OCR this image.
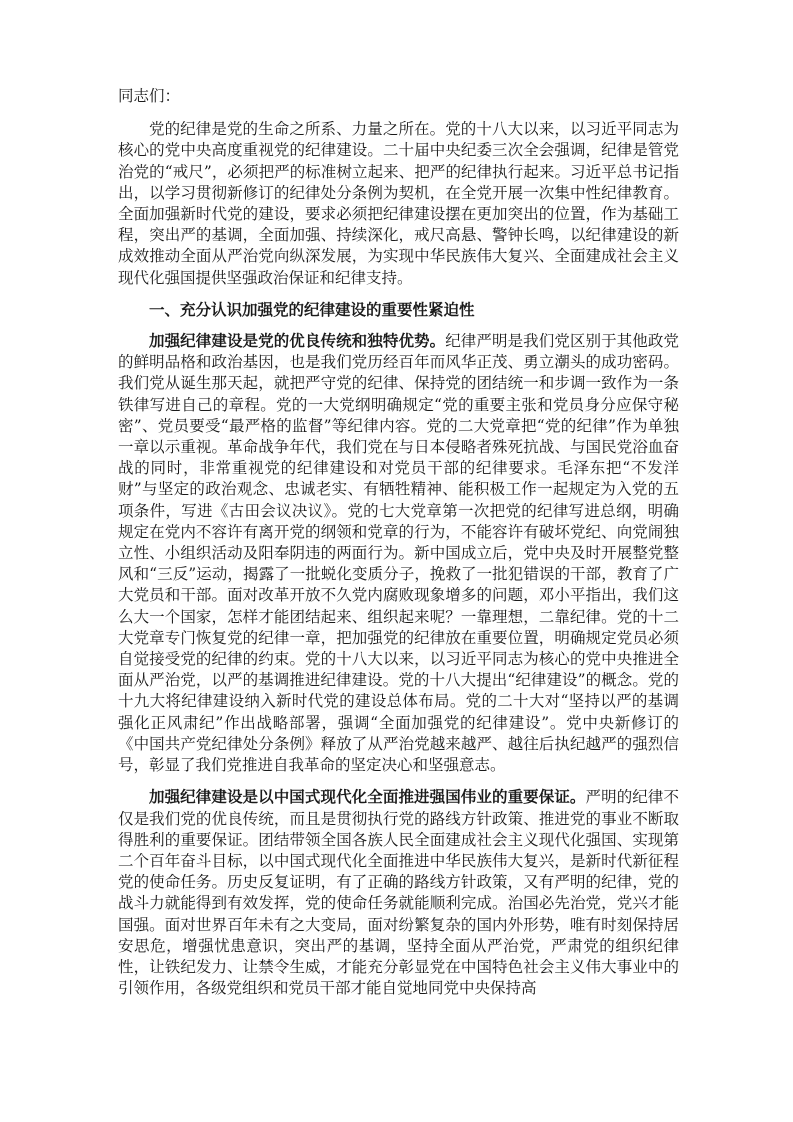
同志们：

党的纪律是党的生命之所系、力量之所在。党的十八大以来，以习近平同志为核心的党中央高度重视党的纪律建设。二十届中央纪委三次全会强调，纪律是管党治党的“戒尺”，必须把严的标准树立起来、把严的纪律执行起来。习近平总书记指出，以学习贯彻新修订的纪律处分条例为契机，在全党开展一次集中性纪律教育。全面加强新时代党的建设，要求必须把纪律建设摆在更加突出的位置，作为基础工程，突出严的基调，全面加强、持续深化，戒尺高悬、警钟长鸣，以纪律建设的新成效推动全面从严治党向纵深发展，为实现中华民族伟大复兴、全面建成社会主义现代化强国提供坚强政治保证和纪律支持。

一、充分认识加强党的纪律建设的重要性紧迫性

加强纪律建设是党的优良传统和独特优势。纪律严明是我们党区别于其他政党的鲜明品格和政治基因，也是我们党历经百年而风华正茂、勇立潮头的成功密码。我们党从诞生那天起，就把严守党的纪律、保持党的团结统一和步调一致作为一条铁律写进自己的章程。党的一大党纲明确规定“党的重要主张和党员身分应保守秘密”、党员要受“最严格的监督”等纪律内容。党的二大党章把“党的纪律”作为单独一章以示重视。革命战争年代，我们党在与日本侵略者殊死抗战、与国民党浴血奋战的同时，非常重视党的纪律建设和对党员干部的纪律要求。毛泽东把“不发洋财”与坚定的政治观念、忠诚老实、有牺牲精神、能积极工作一起规定为入党的五项条件，写进《古田会议决议》。党的七大党章第一次把党的纪律写进总纲，明确规定在党内不容许有离开党的纲领和党章的行为，不能容许有破坏党纪、向党闹独立性、小组织活动及阳奉阴违的两面行为。新中国成立后，党中央及时开展整党整风和“三反”运动，揭露了一批蜕化变质分子，挽救了一批犯错误的干部，教育了广大党员和干部。面对改革开放不久党内腐败现象增多的问题，邓小平指出，我们这么大一个国家，怎样才能团结起来、组织起来呢？一靠理想，二靠纪律。党的十二大党章专门恢复党的纪律一章，把加强党的纪律放在重要位置，明确规定党员必须自觉接受党的纪律的约束。党的十八大以来，以习近平同志为核心的党中央推进全面从严治党，以严的基调推进纪律建设。党的十八大提出“纪律建设”的概念。党的十九大将纪律建设纳入新时代党的建设总体布局。党的二十大对“坚持以严的基调强化正风肃纪”作出战略部署，强调“全面加强党的纪律建设”。党中央新修订的《中国共产党纪律处分条例》释放了从严治党越来越严、越往后执纪越严的强烈信号，彰显了我们党推进自我革命的坚定决心和坚强意志。

加强纪律建设是以中国式现代化全面推进强国伟业的重要保证。严明的纪律不仅是我们党的优良传统，而且是贯彻执行党的路线方针政策、推进党的事业不断取得胜利的重要保证。团结带领全国各族人民全面建成社会主义现代化强国、实现第二个百年奋斗目标，以中国式现代化全面推进中华民族伟大复兴，是新时代新征程党的使命任务。历史反复证明，有了正确的路线方针政策，又有严明的纪律，党的战斗力就能得到有效发挥，党的使命任务就能顺利完成。治国必先治党，党兴才能国强。面对世界百年未有之大变局，面对纷繁复杂的国内外形势，唯有时刻保持居安思危，增强忧患意识，突出严的基调，坚持全面从严治党，严肃党的组织纪律性，让铁纪发力、让禁令生威，才能充分彰显党在中国特色社会主义伟大事业中的引领作用，各级党组织和党员干部才能自觉地同党中央保持高
